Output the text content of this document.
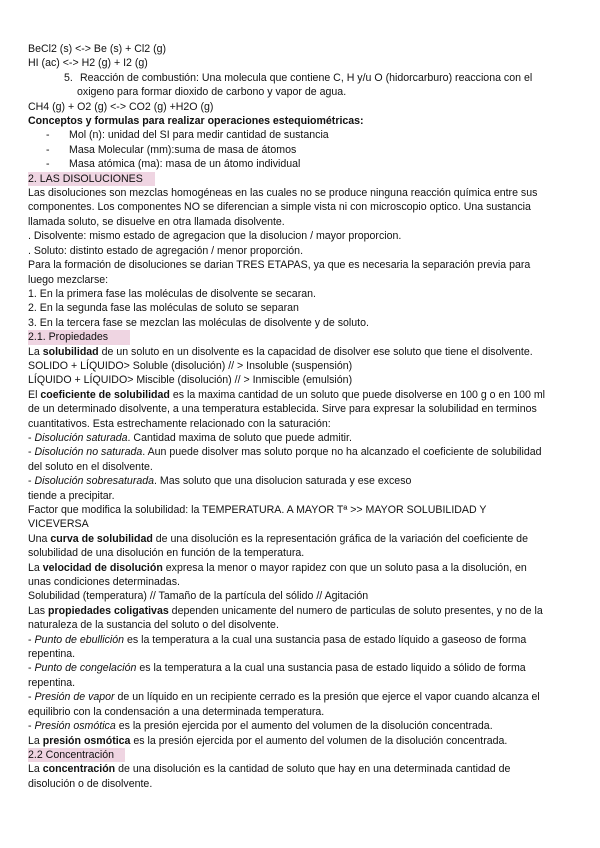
BeCl2 (s) <-> Be (s) + Cl2 (g)
HI (ac) <-> H2 (g) + I2 (g)
5. Reacción de combustión: Una molecula que contiene C, H y/u O (hidorcarburo) reacciona con el
oxigeno para formar dioxido de carbono y vapor de agua.
CH4 (g) + O2 (g) <-> CO2 (g) +H2O (g)
Conceptos y formulas para realizar operaciones estequiométricas:
- Mol (n): unidad del SI para medir cantidad de sustancia
- Masa Molecular (mm):suma de masa de átomos
- Masa atómica (ma): masa de un átomo individual
2. LAS DISOLUCIONES
Las disoluciones son mezclas homogéneas en las cuales no se produce ninguna reacción química entre sus
componentes. Los componentes NO se diferencian a simple vista ni con microscopio optico. Una sustancia
llamada soluto, se disuelve en otra llamada disolvente.
. Disolvente: mismo estado de agregacion que la disolucion / mayor proporcion.
. Soluto: distinto estado de agregación / menor proporción.
Para la formación de disoluciones se darian TRES ETAPAS, ya que es necesaria la separación previa para
luego mezclarse:
1. En la primera fase las moléculas de disolvente se secaran.
2. En la segunda fase las moléculas de soluto se separan
3. En la tercera fase se mezclan las moléculas de disolvente y de soluto.
2.1. Propiedades
La solubilidad de un soluto en un disolvente es la capacidad de disolver ese soluto que tiene el disolvente.
SOLIDO + LÍQUIDO> Soluble (disolución) // > Insoluble (suspensión)
LÍQUIDO + LÍQUIDO> Miscible (disolución) // > Inmiscible (emulsión)
El coeficiente de solubilidad es la maxima cantidad de un soluto que puede disolverse en 100 g o en 100 ml
de un determinado disolvente, a una temperatura establecida. Sirve para expresar la solubilidad en terminos
cuantitativos. Esta estrechamente relacionado con la saturación:
- Disolución saturada. Cantidad maxima de soluto que puede admitir.
- Disolución no saturada. Aun puede disolver mas soluto porque no ha alcanzado el coeficiente de solubilidad
del soluto en el disolvente.
- Disolución sobresaturada. Mas soluto que una disolucion saturada y ese exceso
tiende a precipitar.
Factor que modifica la solubilidad: la TEMPERATURA. A MAYOR Tª >> MAYOR SOLUBILIDAD Y
VICEVERSA
Una curva de solubilidad de una disolución es la representación gráfica de la variación del coeficiente de
solubilidad de una disolución en función de la temperatura.
La velocidad de disolución expresa la menor o mayor rapidez con que un soluto pasa a la disolución, en
unas condiciones determinadas.
Solubilidad (temperatura) // Tamaño de la partícula del sólido // Agitación
Las propiedades coligativas dependen unicamente del numero de particulas de soluto presentes, y no de la
naturaleza de la sustancia del soluto o del disolvente.
- Punto de ebullición es la temperatura a la cual una sustancia pasa de estado líquido a gaseoso de forma
repentina.
- Punto de congelación es la temperatura a la cual una sustancia pasa de estado liquido a sólido de forma
repentina.
- Presión de vapor de un líquido en un recipiente cerrado es la presión que ejerce el vapor cuando alcanza el
equilibrio con la condensación a una determinada temperatura.
- Presión osmótica es la presión ejercida por el aumento del volumen de la disolución concentrada.
La presión osmótica es la presión ejercida por el aumento del volumen de la disolución concentrada.
2.2 Concentración
La concentración de una disolución es la cantidad de soluto que hay en una determinada cantidad de
disolución o de disolvente.
